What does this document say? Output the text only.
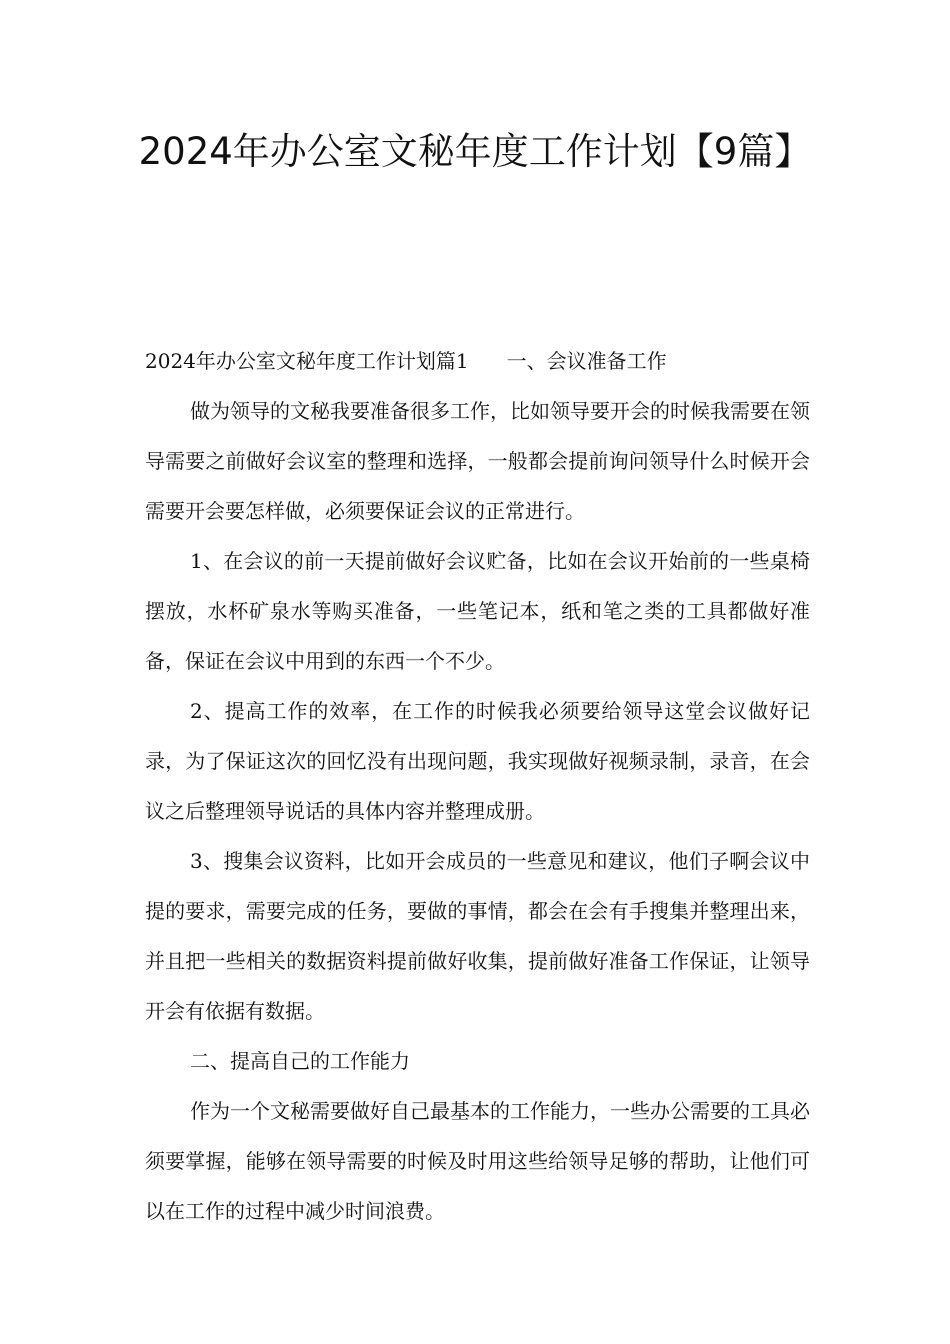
2024年办公室文秘年度工作计划【9篇】

2024年办公室文秘年度工作计划篇1 一、会议准备工作

做为领导的文秘我要准备很多工作，比如领导要开会的时候我需要在领导需要之前做好会议室的整理和选择，一般都会提前询问领导什么时候开会需要开会要怎样做，必须要保证会议的正常进行。

1、在会议的前一天提前做好会议贮备，比如在会议开始前的一些桌椅摆放，水杯矿泉水等购买准备，一些笔记本，纸和笔之类的工具都做好准备，保证在会议中用到的东西一个不少。

2、提高工作的效率，在工作的时候我必须要给领导这堂会议做好记录，为了保证这次的回忆没有出现问题，我实现做好视频录制，录音，在会议之后整理领导说话的具体内容并整理成册。

3、搜集会议资料，比如开会成员的一些意见和建议，他们子啊会议中提的要求，需要完成的任务，要做的事情，都会在会有手搜集并整理出来，并且把一些相关的数据资料提前做好收集，提前做好准备工作保证，让领导开会有依据有数据。

二、提高自己的工作能力

作为一个文秘需要做好自己最基本的工作能力，一些办公需要的工具必须要掌握，能够在领导需要的时候及时用这些给领导足够的帮助，让他们可以在工作的过程中减少时间浪费。
